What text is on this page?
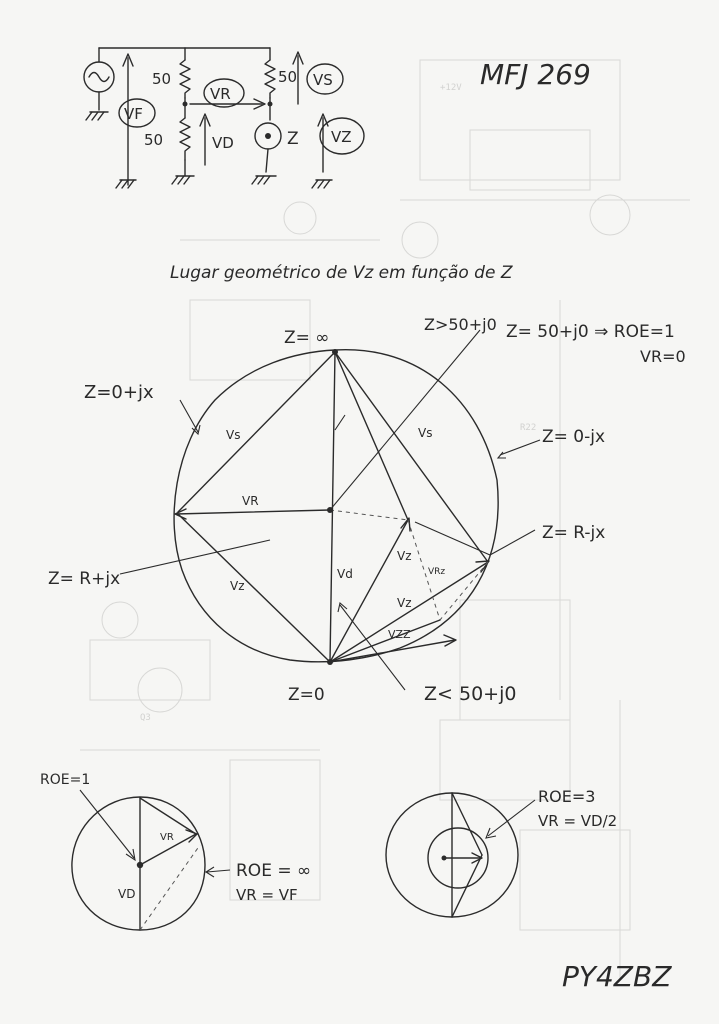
+12V
R22
Q3
50
50
50
VF
VR
VS
VD	VZ
Z
MFJ 269
Lugar geométrico de Vz em função de Z
Z= ∞
Z=0
Z>50+j0 Z= 50+j0 ⇒ ROE=1
VR=0
Z=0+jx
Z= 0-jx
Z= R-jx
Z= R+jx
Z< 50+j0
Vs	Vs
VR
Vz
Vd
Vz
VRz
Vz
VZZ
ROE=1
ROE = ∞
VR = VF
VR
VD
ROE=3
VR = VD/2
PY4ZBZ
